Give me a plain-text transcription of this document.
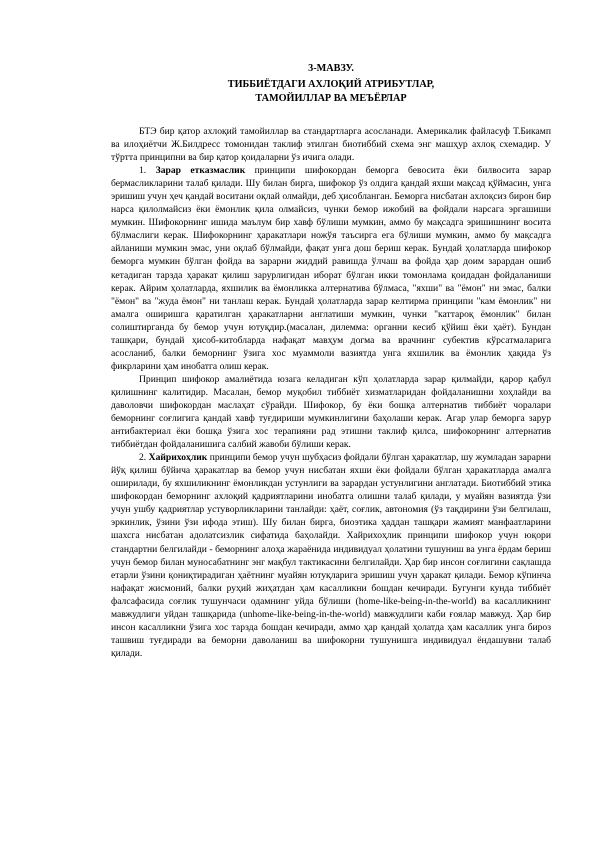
3-МАВЗУ.
ТИББИЁТДАГИ АХЛОҚИЙ АТРИБУТЛАР,
ТАМОЙИЛЛАР ВА МЕЪЁРЛАР

БТЭ бир қатор ахлоқий тамойиллар ва стандартларга асосланади. Америкалик файласуф Т.Бикамп ва илоҳиётчи Ж.Билдресс томонидан таклиф этилган биотиббий схема энг машҳур ахлоқ схемадир. У тўртта принципни ва бир қатор қоидаларни ўз ичига олади.

1. Зарар етказмаслик принципи шифокордан беморга бевосита ёки билвосита зарар бермасликларини талаб қилади. Шу билан бирга, шифокор ўз олдига қандай яхши мақсад қўймасин, унга эришиш учун ҳеч қандай воситани оқлай олмайди, деб ҳисобланган. Беморга нисбатан ахлоқсиз бирон бир нарса қилолмайсиз ёки ёмонлик қила олмайсиз, чунки бемор ижобий ва фойдали нарсага эргашиши мумкин. Шифокорнинг ишида маълум бир хавф бўлиши мумкин, аммо бу мақсадга эришишнинг восита бўлмаслиги керак. Шифокорнинг ҳаракатлари ножўя таъсирга ега бўлиши мумкин, аммо бу мақсадга айланиши мумкин эмас, уни оқлаб бўлмайди, фақат унга дош бериш керак. Бундай ҳолатларда шифокор беморга мумкин бўлган фойда ва зарарни жиддий равишда ўлчаш ва фойда ҳар доим зарардан ошиб кетадиган тарзда ҳаракат қилиш зарурлигидан иборат бўлган икки томонлама қоидадан фойдаланиши керак. Айрим ҳолатларда, яхшилик ва ёмонликка алтернатива бўлмаса, "яхши" ва "ёмон" ни эмас, балки "ёмон" ва "жуда ёмон" ни танлаш керак. Бундай ҳолатларда зарар келтирма принципи "кам ёмонлик" ни амалга оширишга қаратилган ҳаракатларни англатиши мумкин, чунки "каттароқ ёмонлик" билан солиштирганда бу бемор учун ютуқдир.(масалан, дилемма: органни кесиб қўйиш ёки ҳаёт). Бундан ташқари, бундай ҳисоб-китобларда нафақат мавҳум догма ва врачнинг субектив кўрсатмаларига асосланиб, балки беморнинг ўзига хос муаммоли вазиятда унга яхшилик ва ёмонлик ҳақида ўз фикрларини ҳам инобатга олиш керак.

Принцип шифокор амалиётида юзага келадиган кўп ҳолатларда зарар қилмайди, қарор қабул қилишнинг калитидир. Масалан, бемор муқобил тиббиёт хизматларидан фойдаланишни хоҳлайди ва даволовчи шифокордан маслаҳат сўрайди. Шифокор, бу ёки бошқа алтернатив тиббиёт чоралари беморнинг соғлигига қандай хавф туғдириши мумкинлигини баҳолаши керак. Агар улар беморга зарур антибактериал ёки бошқа ўзига хос терапияни рад этишни таклиф қилса, шифокорнинг алтернатив тиббиётдан фойдаланишига салбий жавоби бўлиши керак.

2. Хайрихоҳлик принципи бемор учун шубҳасиз фойдали бўлган ҳаракатлар, шу жумладан зарарни йўқ қилиш бўйича ҳаракатлар ва бемор учун нисбатан яхши ёки фойдали бўлган ҳаракатларда амалга оширилади, бу яхшиликнинг ёмонликдан устунлиги ва зарардан устунлигини англатади. Биотиббий этика шифокордан беморнинг ахлоқий қадриятларини инобатга олишни талаб қилади, у муайян вазиятда ўзи учун ушбу қадриятлар устуворликларини танлайди: ҳаёт, соғлик, автономия (ўз тақдирини ўзи белгилаш, эркинлик, ўзини ўзи ифода этиш). Шу билан бирга, биоэтика ҳаддан ташқари жамият манфаатларини шахсга нисбатан адолатсизлик сифатида баҳолайди. Хайрихоҳлик принципи шифокор учун юқори стандартни белгилайди - беморнинг алоҳа жараёнида индивидуал ҳолатини тушуниш ва унга ёрдам бериш учун бемор билан муносабатнинг энг мақбул тактикасини белгилайди. Ҳар бир инсон соғлигини сақлашда етарли ўзини қониқтирадиган ҳаётнинг муайян ютуқларига эришиш учун ҳаракат қилади. Бемор кўпинча нафақат жисмоний, балки руҳий жиҳатдан ҳам касалликни бошдан кечиради. Бугунги кунда тиббиёт фалсафасида соғлик тушунчаси одамнинг уйда бўлиши (home-like-being-in-the-world) ва касалликнинг мавжудлиги уйдан ташқарида (unhome-like-being-in-the-world) мавжудлиги каби ғоялар мавжуд. Ҳар бир инсон касалликни ўзига хос тарзда бошдан кечиради, аммо ҳар қандай ҳолатда ҳам касаллик унга бироз ташвиш туғдиради ва беморни даволаниш ва шифокорни тушунишга индивидуал ёндашувни талаб қилади.
